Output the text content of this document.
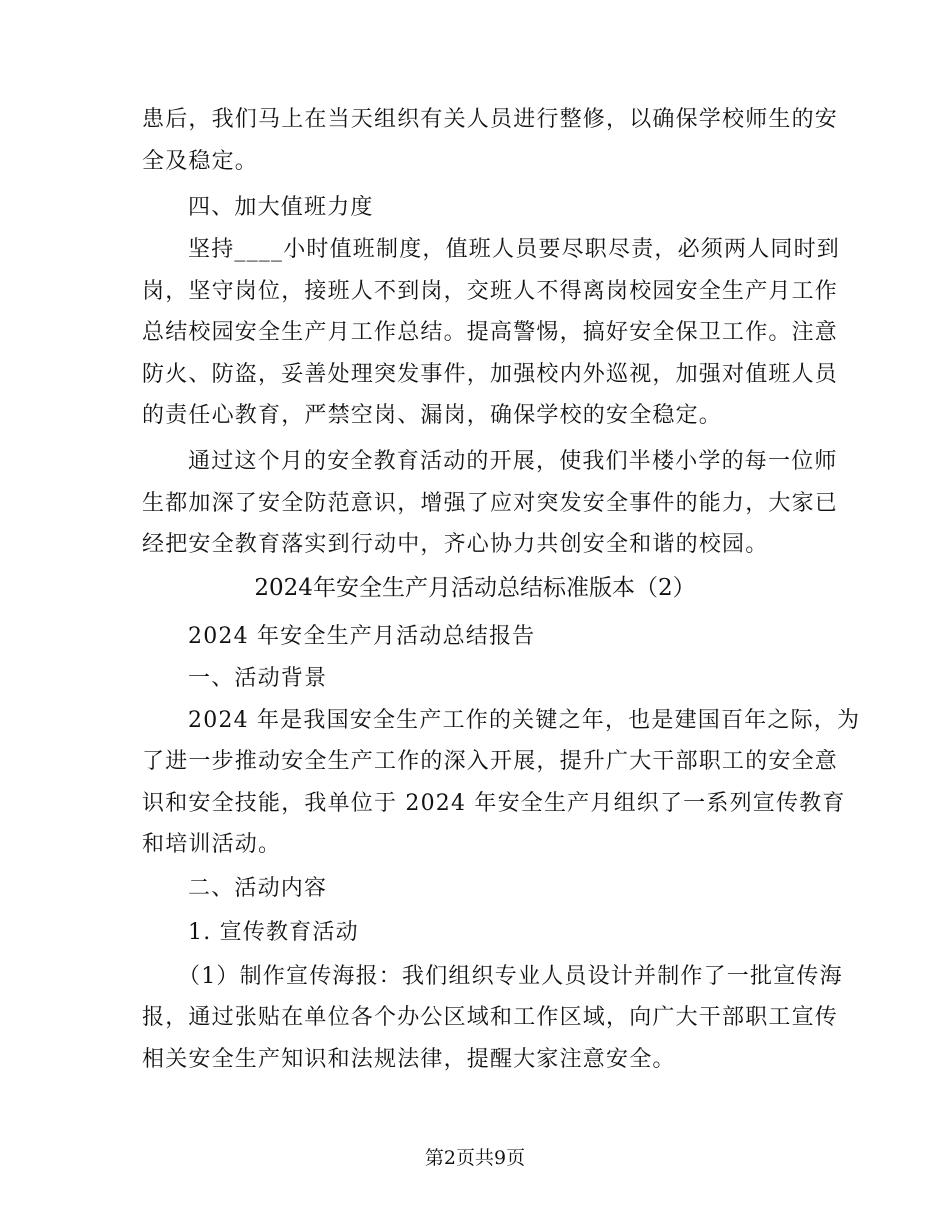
患后，我们马上在当天组织有关人员进行整修，以确保学校师生的安
全及稳定。
四、加大值班力度
坚持____小时值班制度，值班人员要尽职尽责，必须两人同时到
岗，坚守岗位，接班人不到岗，交班人不得离岗校园安全生产月工作
总结校园安全生产月工作总结。提高警惕，搞好安全保卫工作。注意
防火、防盗，妥善处理突发事件，加强校内外巡视，加强对值班人员
的责任心教育，严禁空岗、漏岗，确保学校的安全稳定。
通过这个月的安全教育活动的开展，使我们半楼小学的每一位师
生都加深了安全防范意识，增强了应对突发安全事件的能力，大家已
经把安全教育落实到行动中，齐心协力共创安全和谐的校园。
2024年安全生产月活动总结标准版本（2）
2024 年安全生产月活动总结报告
一、活动背景
2024 年是我国安全生产工作的关键之年，也是建国百年之际，为
了进一步推动安全生产工作的深入开展，提升广大干部职工的安全意
识和安全技能，我单位于 2024 年安全生产月组织了一系列宣传教育
和培训活动。
二、活动内容
1. 宣传教育活动
（1）制作宣传海报：我们组织专业人员设计并制作了一批宣传海
报，通过张贴在单位各个办公区域和工作区域，向广大干部职工宣传
相关安全生产知识和法规法律，提醒大家注意安全。
第2页共9页
